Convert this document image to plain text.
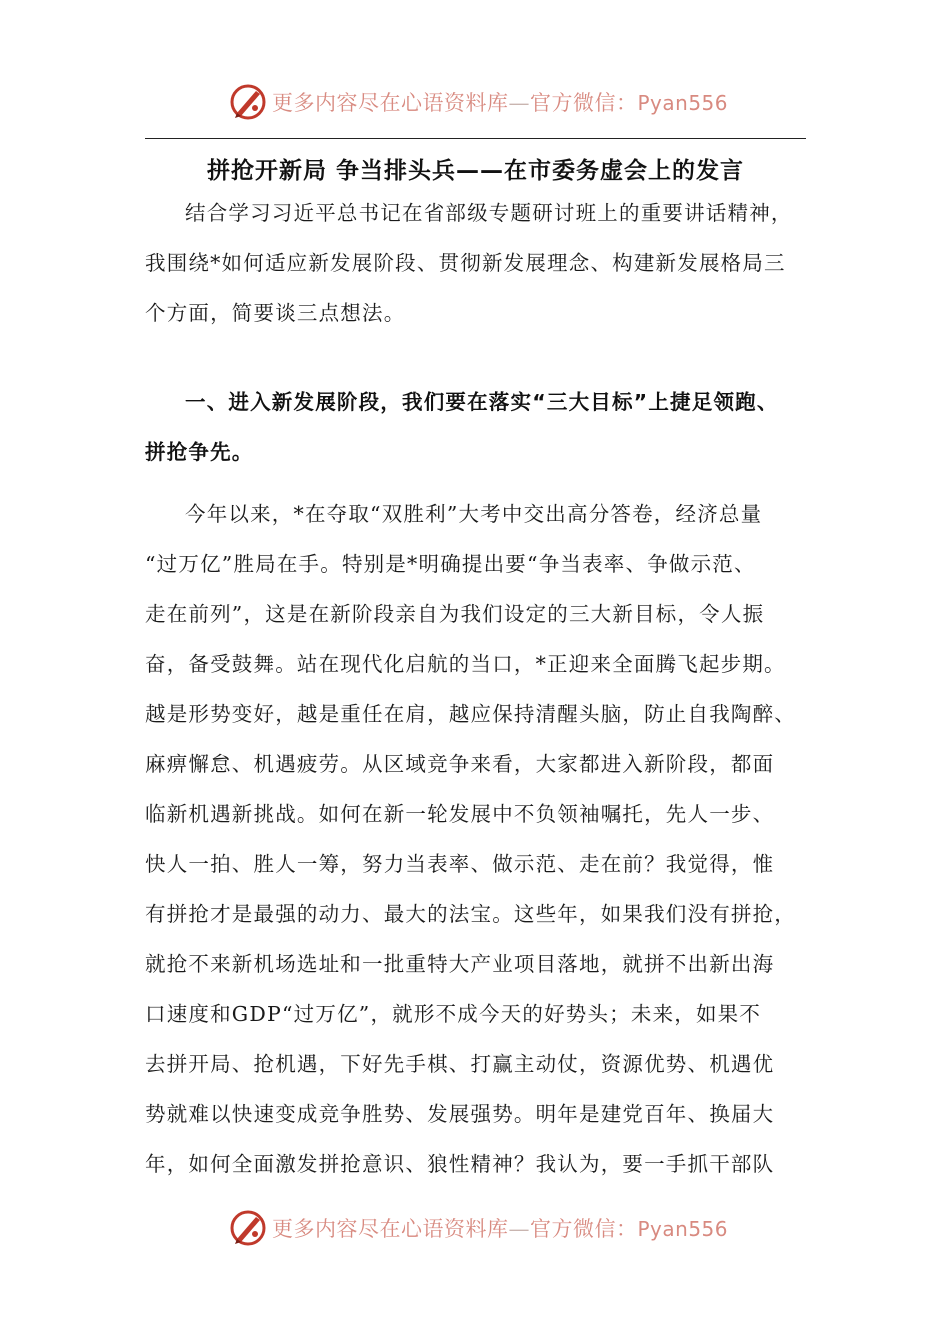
更多内容尽在心语资料库—官方微信：Pyan556
拼抢开新局 争当排头兵——在市委务虚会上的发言
结合学习习近平总书记在省部级专题研讨班上的重要讲话精神，
我围绕*如何适应新发展阶段、贯彻新发展理念、构建新发展格局三
个方面，简要谈三点想法。
一、进入新发展阶段，我们要在落实“三大目标”上捷足领跑、
拼抢争先。
今年以来，*在夺取“双胜利”大考中交出高分答卷，经济总量
“过万亿”胜局在手。特别是*明确提出要“争当表率、争做示范、
走在前列”，这是在新阶段亲自为我们设定的三大新目标，令人振
奋，备受鼓舞。站在现代化启航的当口，*正迎来全面腾飞起步期。
越是形势变好，越是重任在肩，越应保持清醒头脑，防止自我陶醉、
麻痹懈怠、机遇疲劳。从区域竞争来看，大家都进入新阶段，都面
临新机遇新挑战。如何在新一轮发展中不负领袖嘱托，先人一步、
快人一拍、胜人一筹，努力当表率、做示范、走在前？我觉得，惟
有拼抢才是最强的动力、最大的法宝。这些年，如果我们没有拼抢，
就抢不来新机场选址和一批重特大产业项目落地，就拼不出新出海
口速度和GDP“过万亿”，就形不成今天的好势头；未来，如果不
去拼开局、抢机遇，下好先手棋、打赢主动仗，资源优势、机遇优
势就难以快速变成竞争胜势、发展强势。明年是建党百年、换届大
年，如何全面激发拼抢意识、狼性精神？我认为，要一手抓干部队
更多内容尽在心语资料库—官方微信：Pyan556
